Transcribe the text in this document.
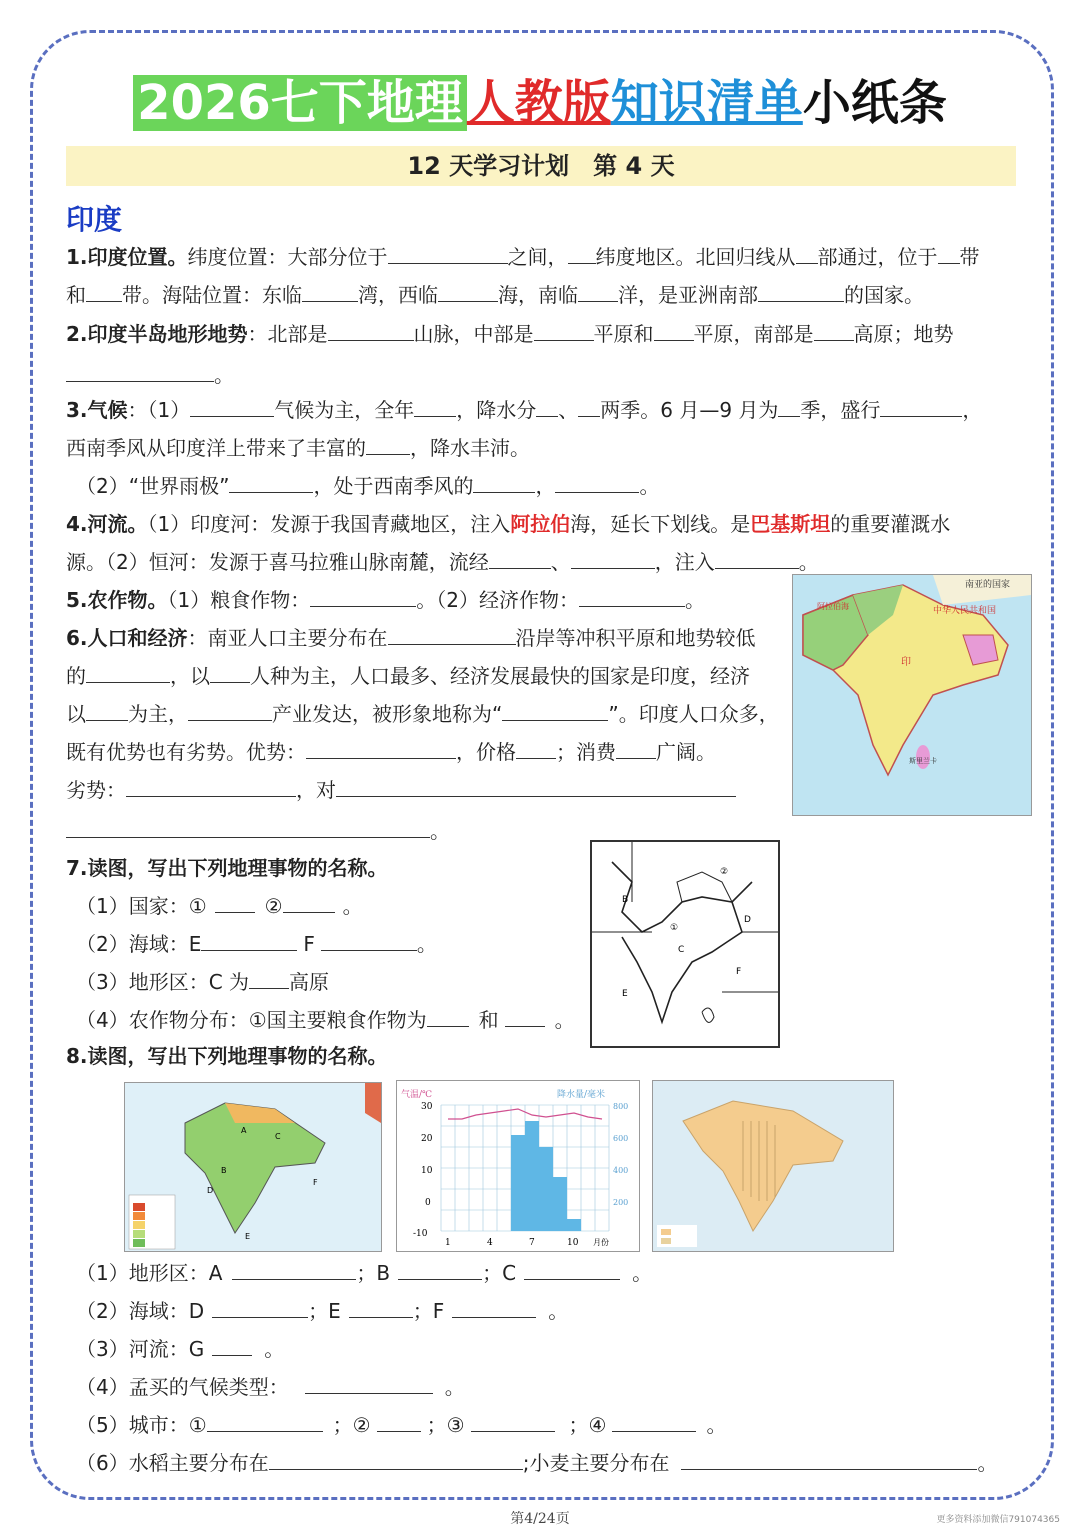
2026七下地理人教版知识清单小纸条
12 天学习计划　第 4 天
印度
1.印度位置。纬度位置：大部分位于	之间， 纬度地区。北回归线从 部通过，位于 带
和 带。海陆位置：东临	湾，西临	海，南临 洋，是亚洲南部	的国家。
2.印度半岛地形地势：北部是	山脉，中部是	平原和 平原，南部是 高原；地势
。
3.气候：（1）	气候为主，全年 ，降水分 、 两季。6 月—9 月为 季，盛行	，
西南季风从印度洋上带来了丰富的 ，降水丰沛。
（2）“世界雨极”	，处于西南季风的	，	。
4.河流。（1）印度河：发源于我国青藏地区，注入阿拉伯海，延长下划线。是巴基斯坦的重要灌溉水
源。（2）恒河：发源于喜马拉雅山脉南麓，流经	、	，注入	。
5.农作物。（1）粮食作物：	。（2）经济作物：	。
6.人口和经济：南亚人口主要分布在	沿岸等冲积平原和地势较低
的	，以 人种为主，人口最多、经济发展最快的国家是印度，经济
以 为主，	产业发达，被形象地称为“	”。印度人口众多，
既有优势也有劣势。优势：	，价格 ；消费 广阔。
劣势：	，对
。
南亚的国家
中华人民共和国
阿拉伯海
印
斯里兰卡
7.读图，写出下列地理事物的名称。
（1）国家：①	②	。
（2）海域：E	F	。
（3）地形区：C 为 高原
（4）农作物分布：①国主要粮食作物为	和	。
①
②
B
C
D
E
F
8.读图，写出下列地理事物的名称。
A
B
C
D
E
F
气温/℃	降水量/毫米
30
20
10
0
-10
800
600
400
200
1	4	7	10 月份
（1）地形区：A	；B	；C	。
（2）海域：D	；E	；F	。
（3）河流：G	。
（4）孟买的气候类型：	。
（5）城市：①	；②	；③	；④	。
（6）水稻主要分布在	;小麦主要分布在	。
第4/24页	更多资料添加微信791074365
